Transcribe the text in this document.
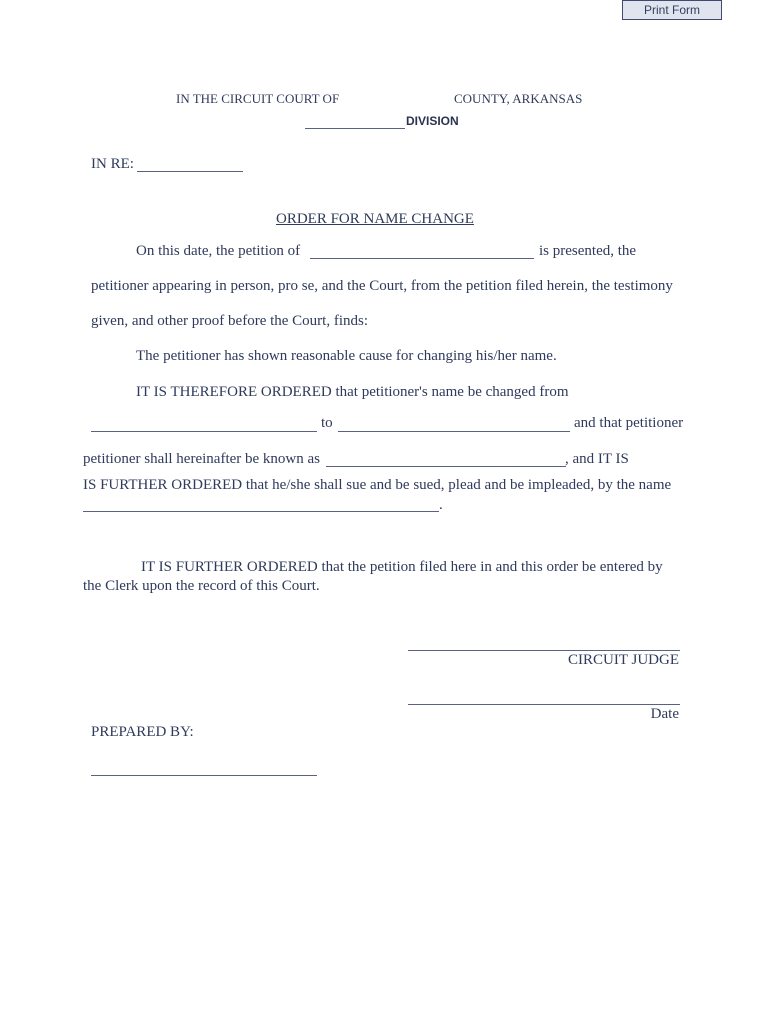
Print Form
IN THE CIRCUIT COURT OF	COUNTY, ARKANSAS
DIVISION
IN RE:
ORDER FOR NAME CHANGE
On this date, the petition of	is presented, the
petitioner appearing in person, pro se, and the Court, from the petition filed herein, the testimony
given, and other proof before the Court, finds:
The petitioner has shown reasonable cause for changing his/her name.
IT IS THEREFORE ORDERED that petitioner's name be changed from
to	and that petitioner
petitioner shall hereinafter be known as	, and IT IS
IS FURTHER ORDERED that he/she shall sue and be sued, plead and be impleaded, by the name
.
IT IS FURTHER ORDERED that the petition filed here in and this order be entered by
the Clerk upon the record of this Court.
CIRCUIT JUDGE
Date
PREPARED BY:
